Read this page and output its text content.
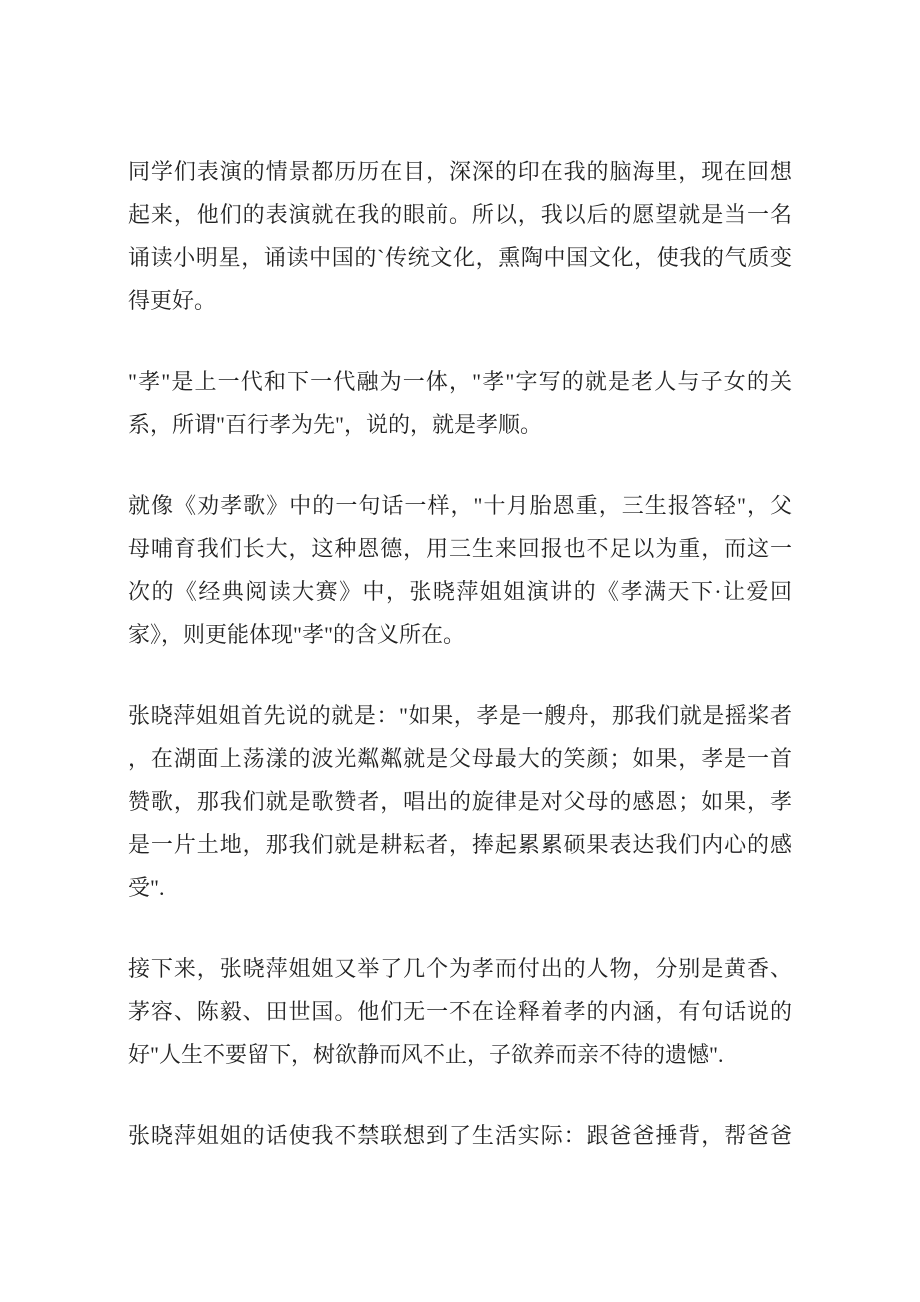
同学们表演的情景都历历在目，深深的印在我的脑海里，现在回想
起来，他们的表演就在我的眼前。所以，我以后的愿望就是当一名
诵读小明星，诵读中国的`传统文化，熏陶中国文化，使我的气质变
得更好。

"孝"是上一代和下一代融为一体，"孝"字写的就是老人与子女的关
系，所谓"百行孝为先"，说的，就是孝顺。

就像《劝孝歌》中的一句话一样，"十月胎恩重，三生报答轻"，父
母哺育我们长大，这种恩德，用三生来回报也不足以为重，而这一
次的《经典阅读大赛》中，张晓萍姐姐演讲的《孝满天下·让爱回
家》，则更能体现"孝"的含义所在。

张晓萍姐姐首先说的就是："如果，孝是一艘舟，那我们就是摇桨者
，在湖面上荡漾的波光粼粼就是父母最大的笑颜；如果，孝是一首
赞歌，那我们就是歌赞者，唱出的旋律是对父母的感恩；如果，孝
是一片土地，那我们就是耕耘者，捧起累累硕果表达我们内心的感
受".

接下来，张晓萍姐姐又举了几个为孝而付出的人物，分别是黄香、
茅容、陈毅、田世国。他们无一不在诠释着孝的内涵，有句话说的
好"人生不要留下，树欲静而风不止，子欲养而亲不待的遗憾".

张晓萍姐姐的话使我不禁联想到了生活实际：跟爸爸捶背，帮爸爸
